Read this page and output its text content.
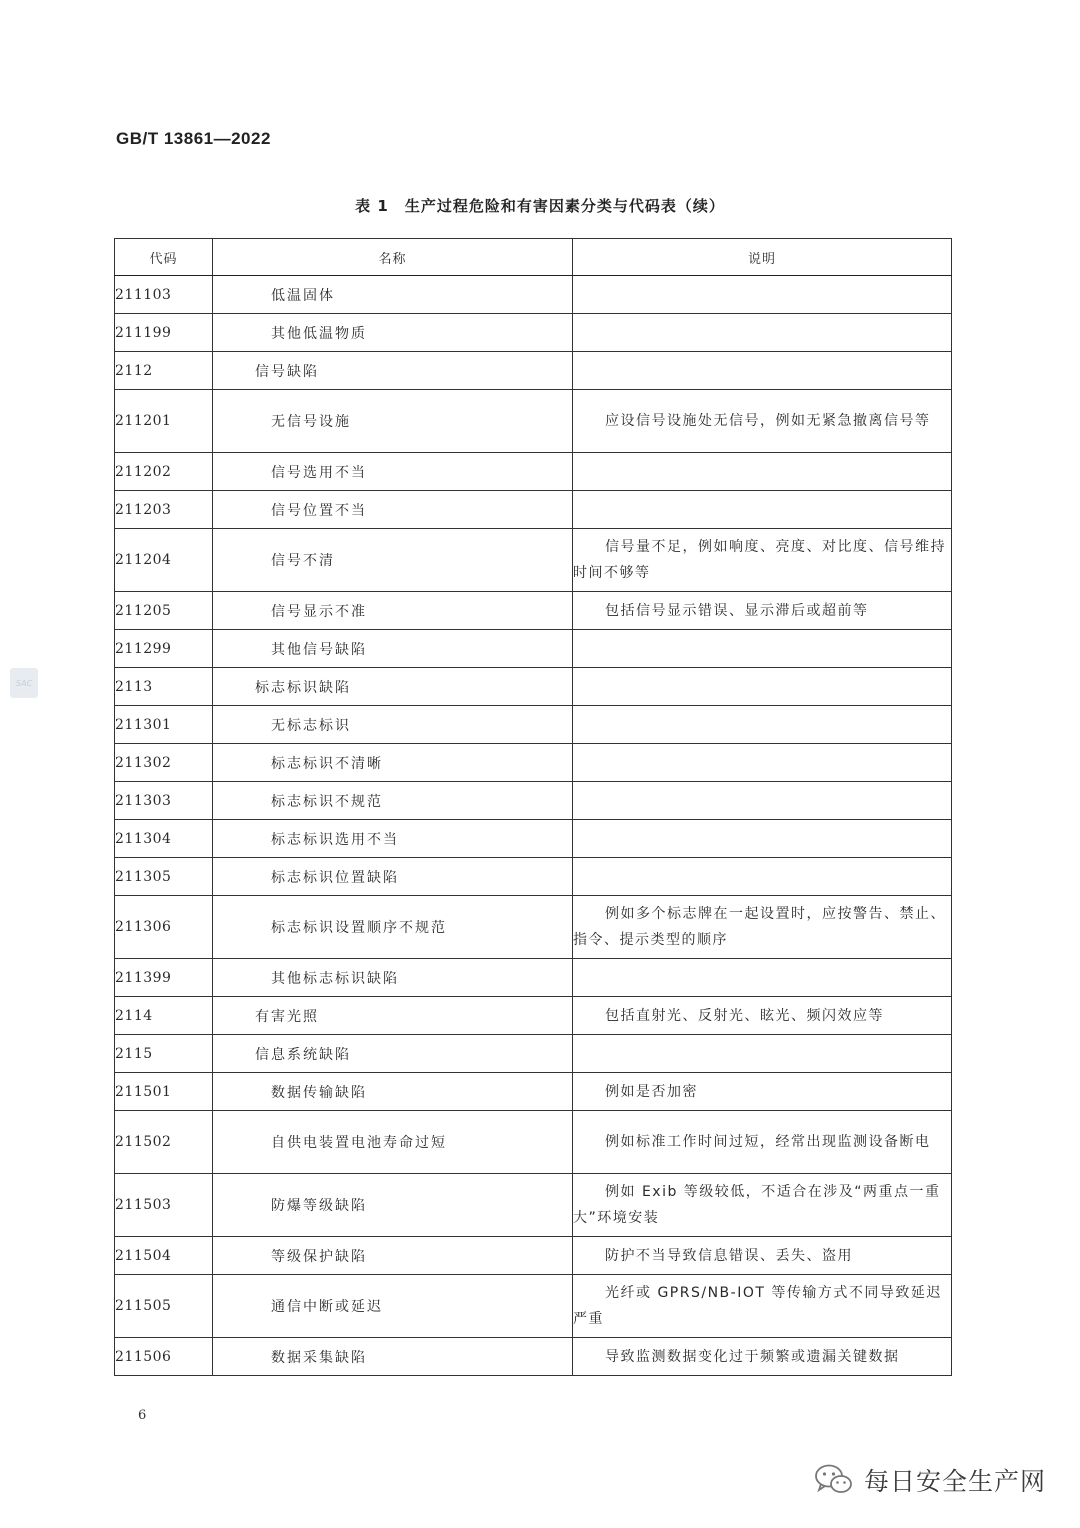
GB/T 13861—2022
表 1　生产过程危险和有害因素分类与代码表（续）
SAC
代码	名称	说明
211103	低温固体	
211199	其他低温物质	
2112	信号缺陷	
211201	无信号设施	应设信号设施处无信号，例如无紧急撤离信号等
211202	信号选用不当	
211203	信号位置不当	
211204	信号不清	信号量不足，例如响度、亮度、对比度、信号维持时间不够等
211205	信号显示不准	包括信号显示错误、显示滞后或超前等
211299	其他信号缺陷	
2113	标志标识缺陷	
211301	无标志标识	
211302	标志标识不清晰	
211303	标志标识不规范	
211304	标志标识选用不当	
211305	标志标识位置缺陷	
211306	标志标识设置顺序不规范	例如多个标志牌在一起设置时，应按警告、禁止、指令、提示类型的顺序
211399	其他标志标识缺陷	
2114	有害光照	包括直射光、反射光、眩光、频闪效应等
2115	信息系统缺陷	
211501	数据传输缺陷	例如是否加密
211502	自供电装置电池寿命过短	例如标准工作时间过短，经常出现监测设备断电
211503	防爆等级缺陷	例如 Exib 等级较低，不适合在涉及“两重点一重大”环境安装
211504	等级保护缺陷	防护不当导致信息错误、丢失、盗用
211505	通信中断或延迟	光纤或 GPRS/NB-IOT 等传输方式不同导致延迟严重
211506	数据采集缺陷	导致监测数据变化过于频繁或遗漏关键数据
6
每日安全生产网
